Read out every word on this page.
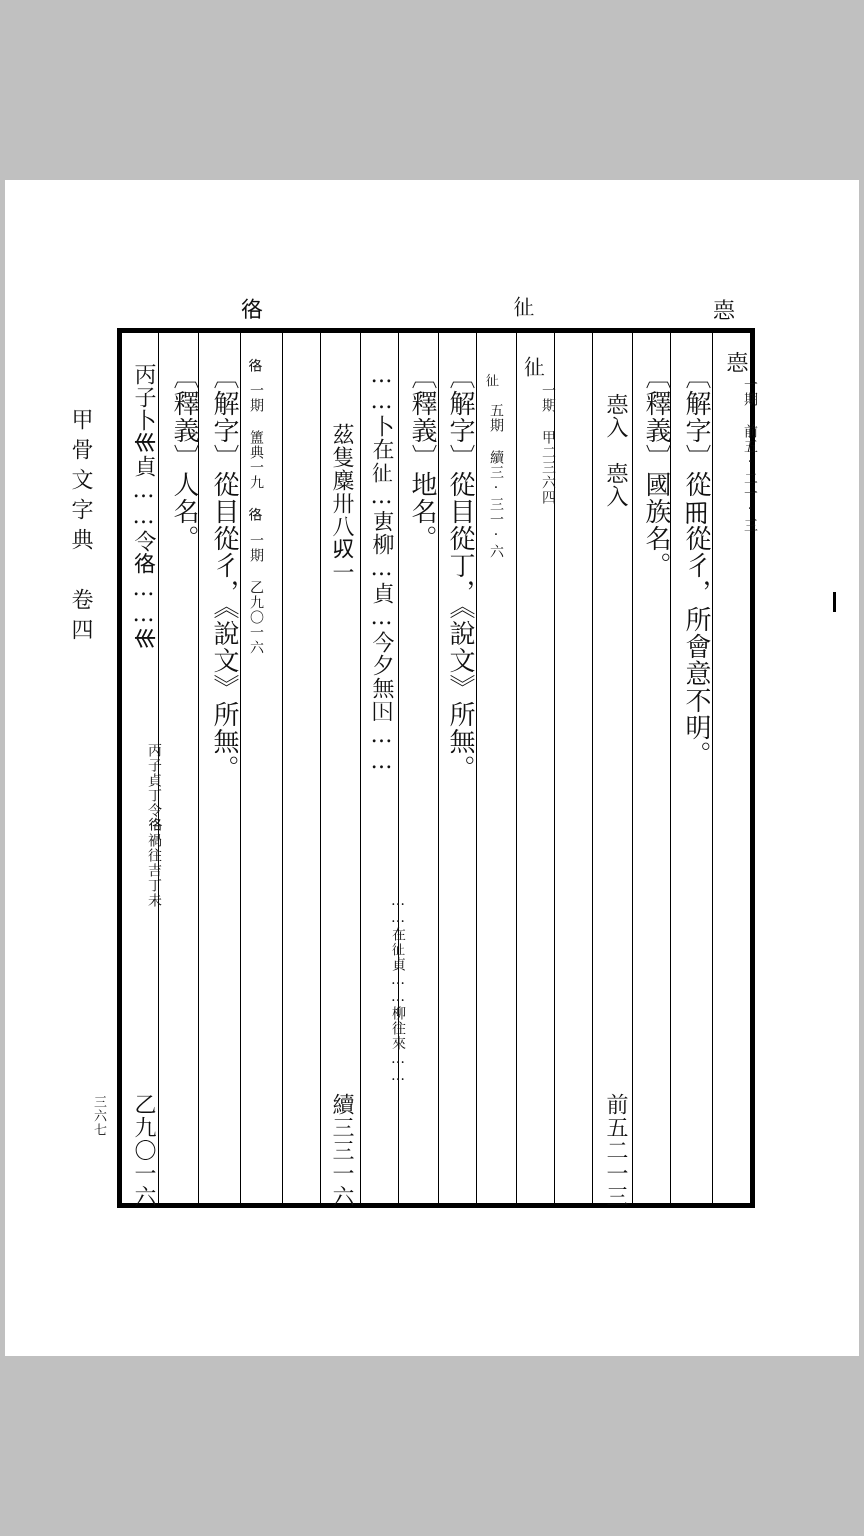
𢛳
𢓊
𢓜
甲骨文字典　卷四
三六七
𢛳
一期 前五·二一·三
〔解字〕從𠕁從彳，所會意不明。
〔釋義〕國族名。
𢛳入　𢛳入
前五二一三
𢓊
一期 甲二三六四
𢓊
五期 續三·三一·六
〔解字〕從目從丁，《說文》所無。
〔釋義〕地名。
……卜在𢓊…叀柳…貞…今夕無𡆥……
……在𢓊貞……柳往來……
茲隻麋卅八𠬞一
續三三一六
𢓜
一期 簠典一九
𢓜
一期 乙九〇一六
〔解字〕從目從彳，《說文》所無。
〔釋義〕人名。
丙子卜𡿧貞……令𢓜……𡿧
丙子貞丁令𢓜禍往吉丁未
乙九〇一六
